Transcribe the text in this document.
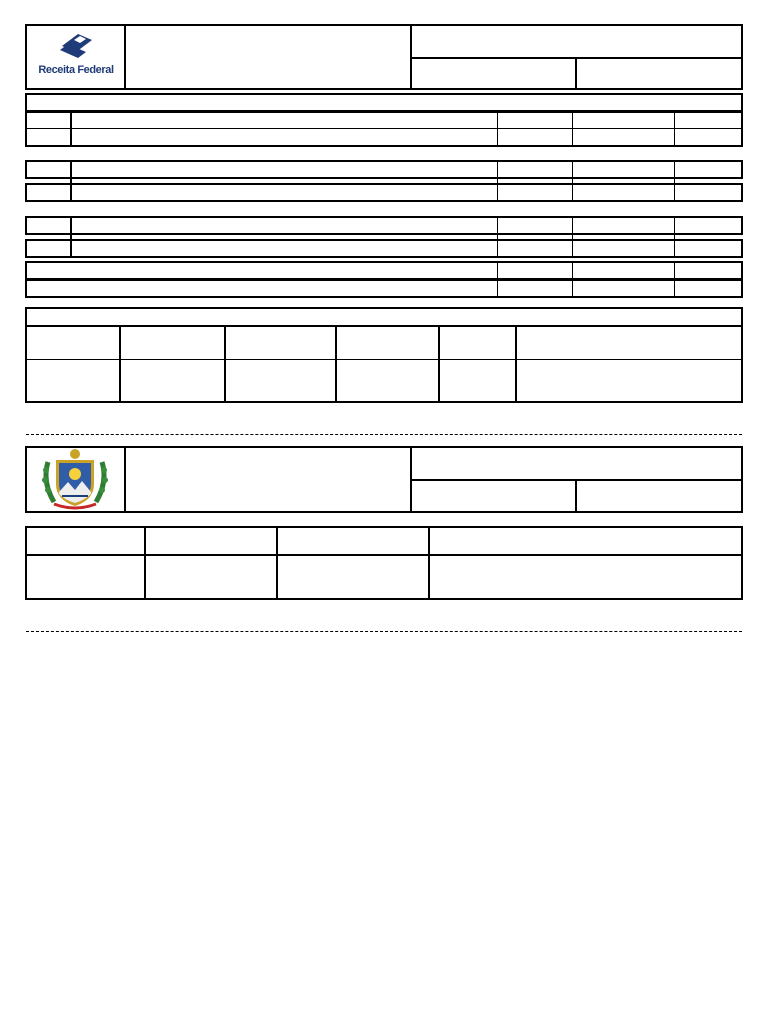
Receita Federal
